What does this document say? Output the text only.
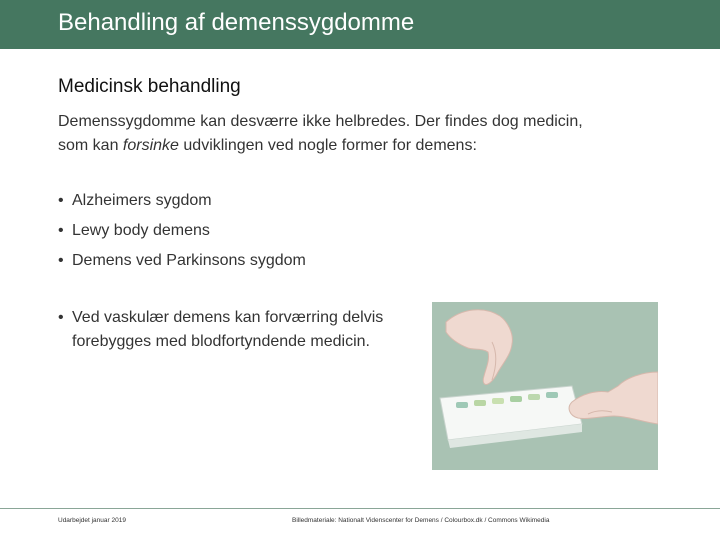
Behandling af demenssygdomme
Medicinsk behandling

Demenssygdomme kan desværre ikke helbredes. Der findes dog medicin,

som kan forsinke udviklingen ved nogle former for demens:

• Alzheimers sygdom
• Lewy body demens
• Demens ved Parkinsons sygdom
• Ved vaskulær demens kan forværring delvis forebygges med blodfortyndende medicin.
Udarbejdet januar 2019	Billedmateriale: Nationalt Videnscenter for Demens / Colourbox.dk / Commons Wikimedia
